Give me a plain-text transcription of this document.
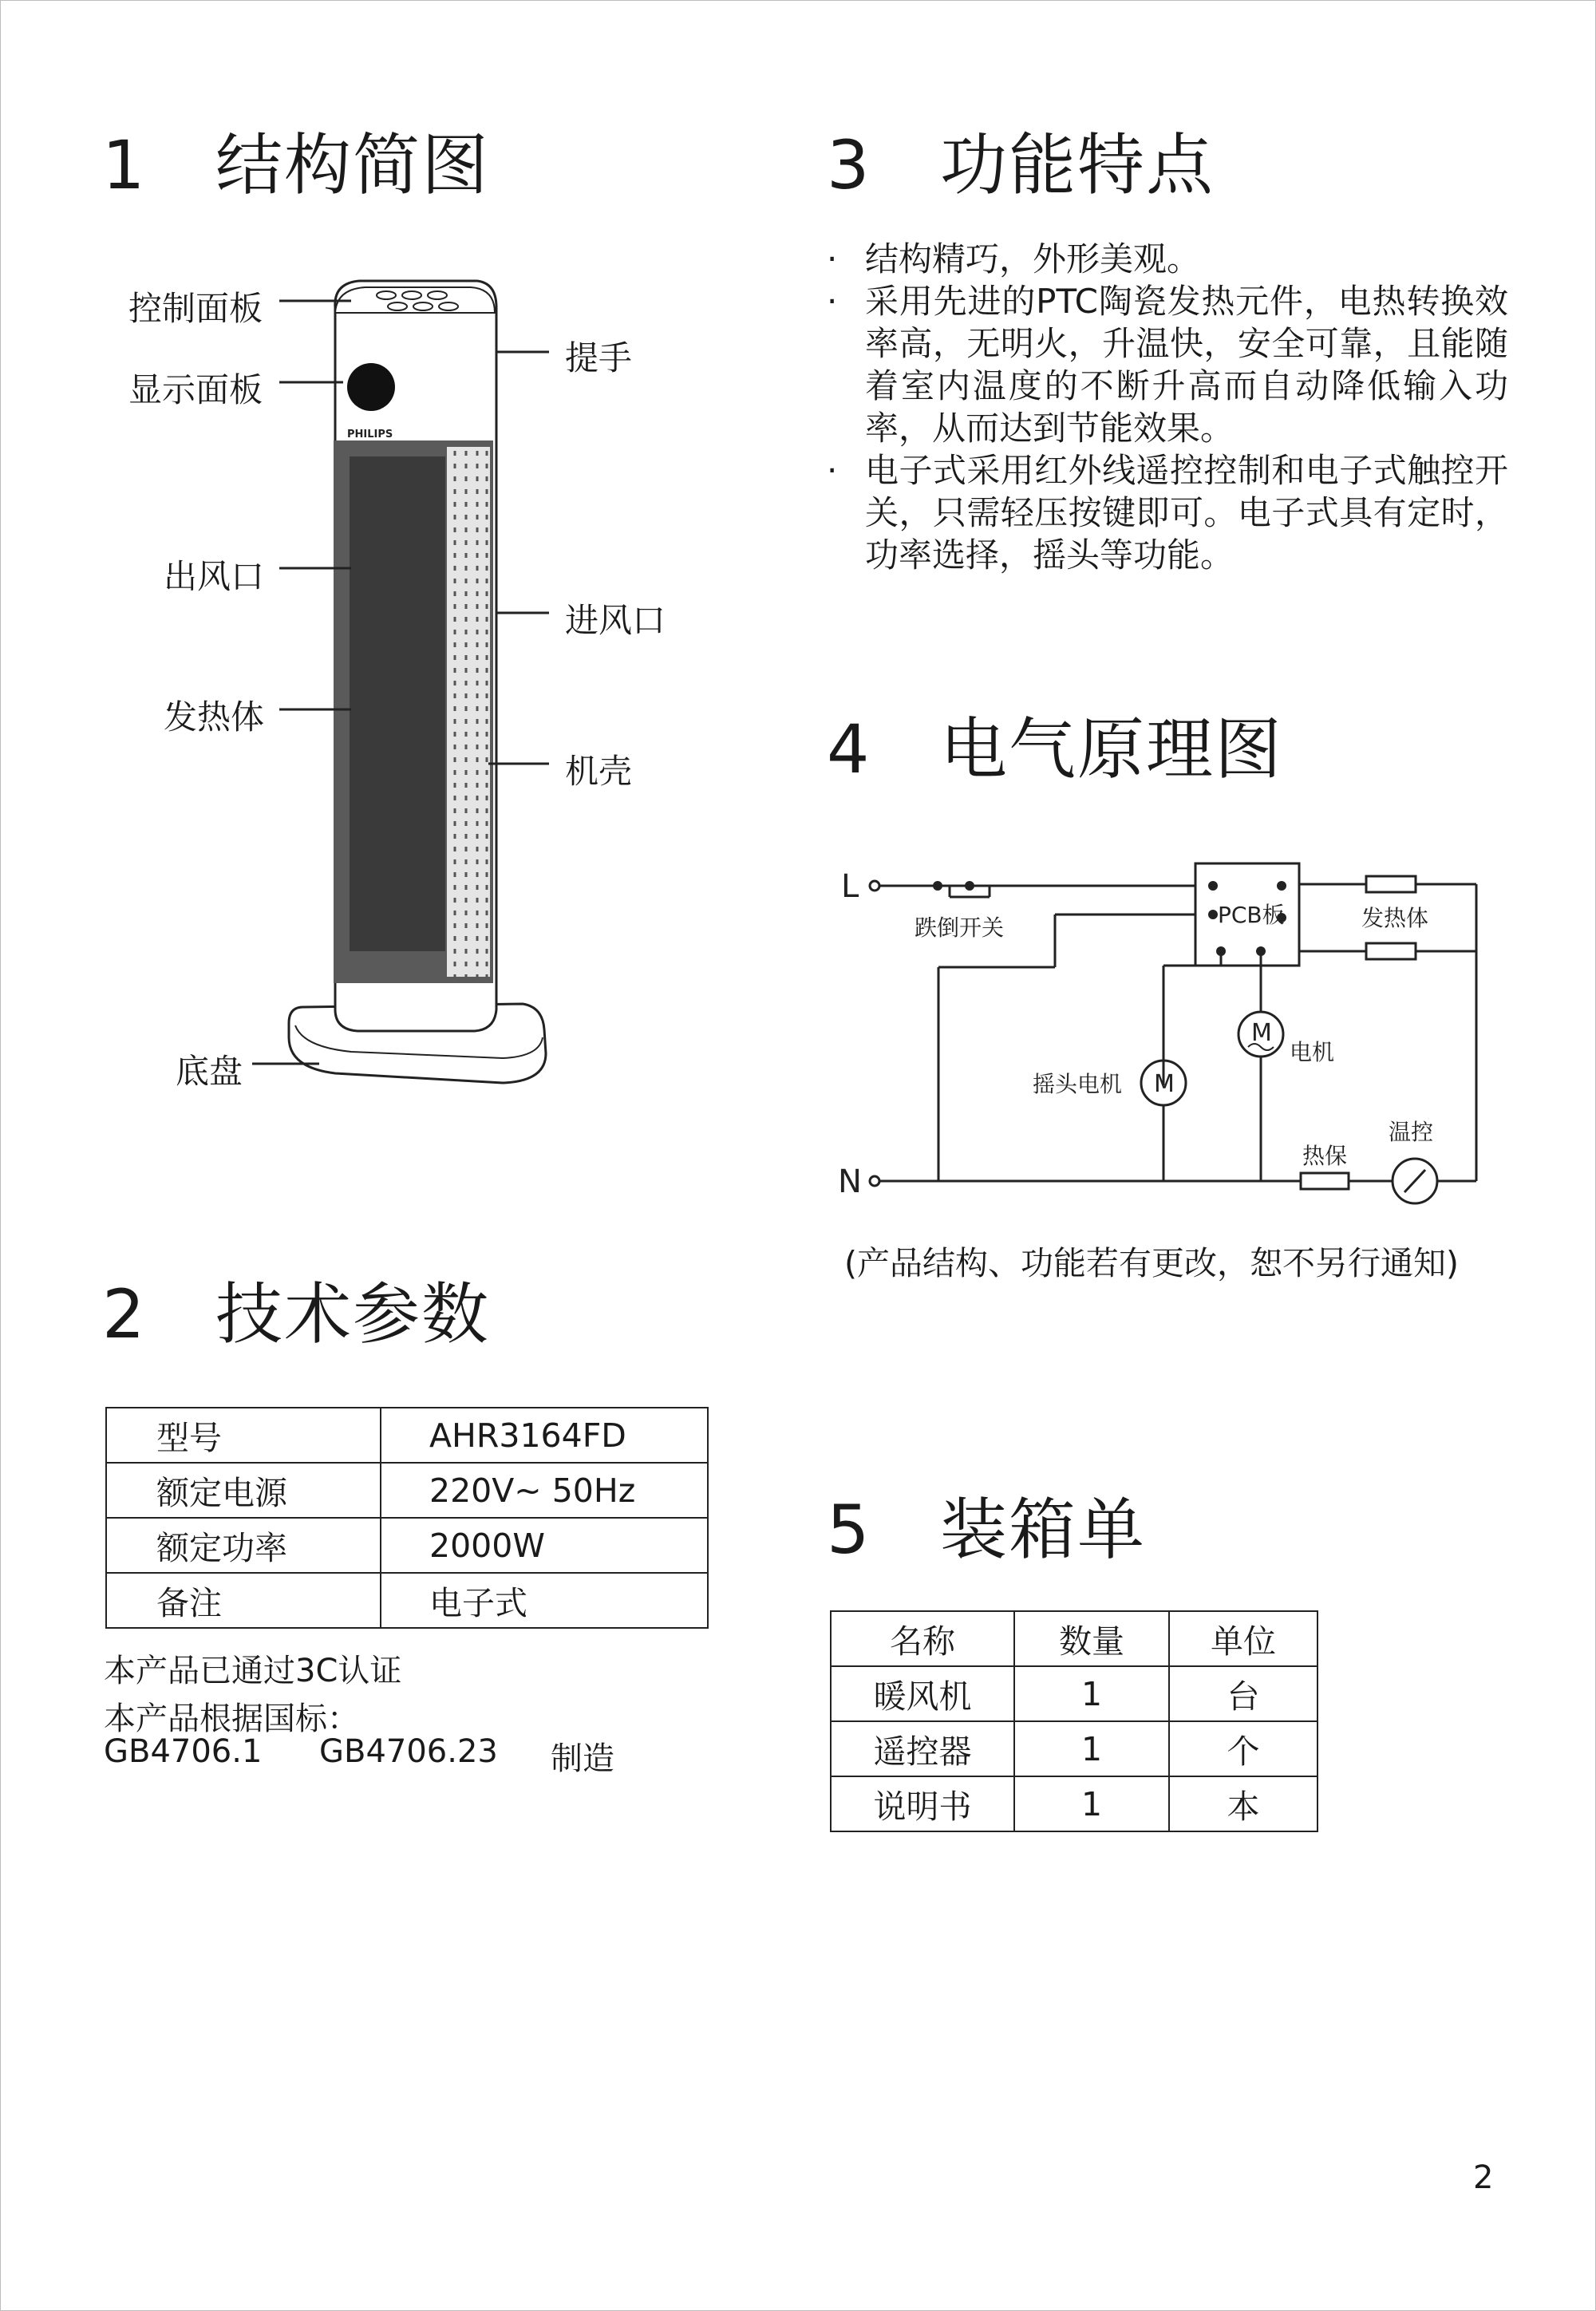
1 结构简图	3 功能特点
4 电气原理图
2 技术参数
5 装箱单
PHILIPS
控制面板
显示面板
提手
出风口
进风口
发热体
机壳
底盘
· 结构精巧，外形美观。
· 采用先进的PTC陶瓷发热元件，电热转换效率高，无明火，升温快，安全可靠，且能随着室内温度的不断升高而自动降低输入功率，从而达到节能效果。
· 电子式采用红外线遥控控制和电子式触控开关，只需轻压按键即可。电子式具有定时，功率选择，摇头等功能。
L
N
跌倒开关	PCB板	发热体
电机
摇头电机
热保
温控
M
M
(产品结构、功能若有更改，恕不另行通知)
型号	AHR3164FD
额定电源	220V~ 50Hz
额定功率	2000W
备注	电子式
本产品已通过3C认证
本产品根据国标：
GB4706.1 GB4706.23 制造
名称	数量	单位
暖风机	1	台
遥控器	1	个
说明书	1	本
2
